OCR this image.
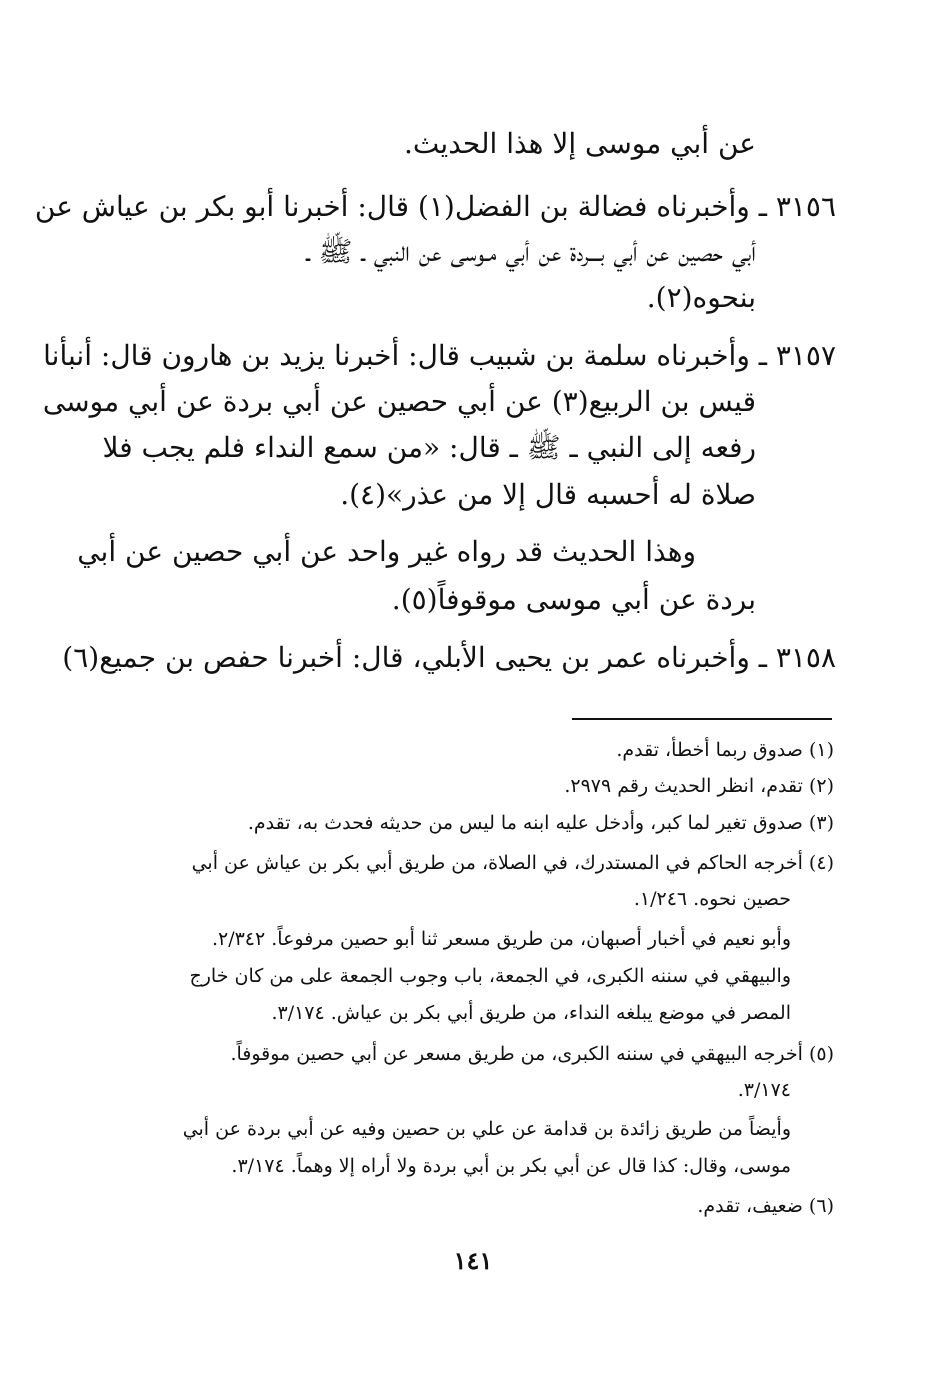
عن أبي موسى إلا هذا الحديث.
٣١٥٦ ـ وأخبرناه فضالة بن الفضل(١) قال: أخبرنا أبو بكر بن عياش عن
أبي حصين عن أبي بـــردة عن أبي مـوسى عن النبي ـ ﷺ ـ
بنحوه(٢).
٣١٥٧ ـ وأخبرناه سلمة بن شبيب قال: أخبرنا يزيد بن هارون قال: أنبأنا
قيس بن الربيع(٣) عن أبي حصين عن أبي بردة عن أبي موسى
رفعه إلى النبي ـ ﷺ ـ قال: «من سمع النداء فلم يجب فلا
صلاة له أحسبه قال إلا من عذر»(٤).
وهذا الحديث قد رواه غير واحد عن أبي حصين عن أبي
بردة عن أبي موسى موقوفاً(٥).
٣١٥٨ ـ وأخبرناه عمر بن يحيى الأبلي، قال: أخبرنا حفص بن جميع(٦)
(١) صدوق ربما أخطأ، تقدم.
(٢) تقدم، انظر الحديث رقم ٢٩٧٩.
(٣) صدوق تغير لما كبر، وأدخل عليه ابنه ما ليس من حديثه فحدث به، تقدم.
(٤) أخرجه الحاكم في المستدرك، في الصلاة، من طريق أبي بكر بن عياش عن أبي
حصين نحوه. ١/٢٤٦.
وأبو نعيم في أخبار أصبهان، من طريق مسعر ثنا أبو حصين مرفوعاً. ٢/٣٤٢.
والبيهقي في سننه الكبرى، في الجمعة، باب وجوب الجمعة على من كان خارج
المصر في موضع يبلغه النداء، من طريق أبي بكر بن عياش. ٣/١٧٤.
(٥) أخرجه البيهقي في سننه الكبرى، من طريق مسعر عن أبي حصين موقوفاً.
٣/١٧٤.
وأيضاً من طريق زائدة بن قدامة عن علي بن حصين وفيه عن أبي بردة عن أبي
موسى، وقال: كذا قال عن أبي بكر بن أبي بردة ولا أراه إلا وهماً. ٣/١٧٤.
(٦) ضعيف، تقدم.
١٤١
